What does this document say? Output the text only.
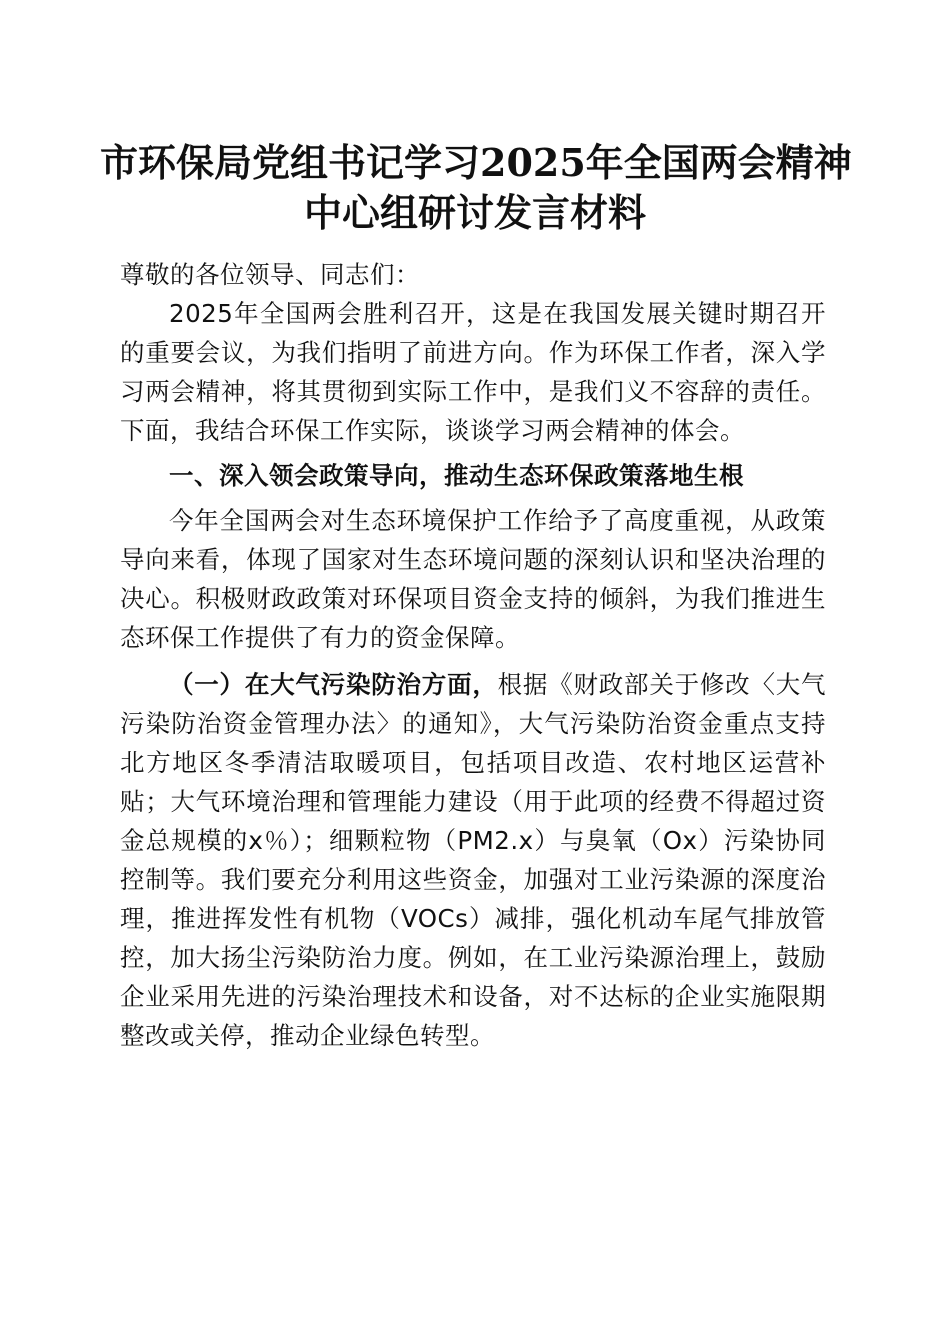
市环保局党组书记学习2025年全国两会精神
中心组研讨发言材料

尊敬的各位领导、同志们：

2025年全国两会胜利召开，这是在我国发展关键时期召开的重要会议，为我们指明了前进方向。作为环保工作者，深入学习两会精神，将其贯彻到实际工作中，是我们义不容辞的责任。下面，我结合环保工作实际，谈谈学习两会精神的体会。

一、深入领会政策导向，推动生态环保政策落地生根

今年全国两会对生态环境保护工作给予了高度重视，从政策导向来看，体现了国家对生态环境问题的深刻认识和坚决治理的决心。积极财政政策对环保项目资金支持的倾斜，为我们推进生态环保工作提供了有力的资金保障。

（一）在大气污染防治方面，根据《财政部关于修改〈大气污染防治资金管理办法〉的通知》，大气污染防治资金重点支持北方地区冬季清洁取暖项目，包括项目改造、农村地区运营补贴；大气环境治理和管理能力建设（用于此项的经费不得超过资金总规模的x％）；细颗粒物（PM2.x）与臭氧（Ox）污染协同控制等。我们要充分利用这些资金，加强对工业污染源的深度治理，推进挥发性有机物（VOCs）减排，强化机动车尾气排放管控，加大扬尘污染防治力度。例如，在工业污染源治理上，鼓励企业采用先进的污染治理技术和设备，对不达标的企业实施限期整改或关停，推动企业绿色转型。
